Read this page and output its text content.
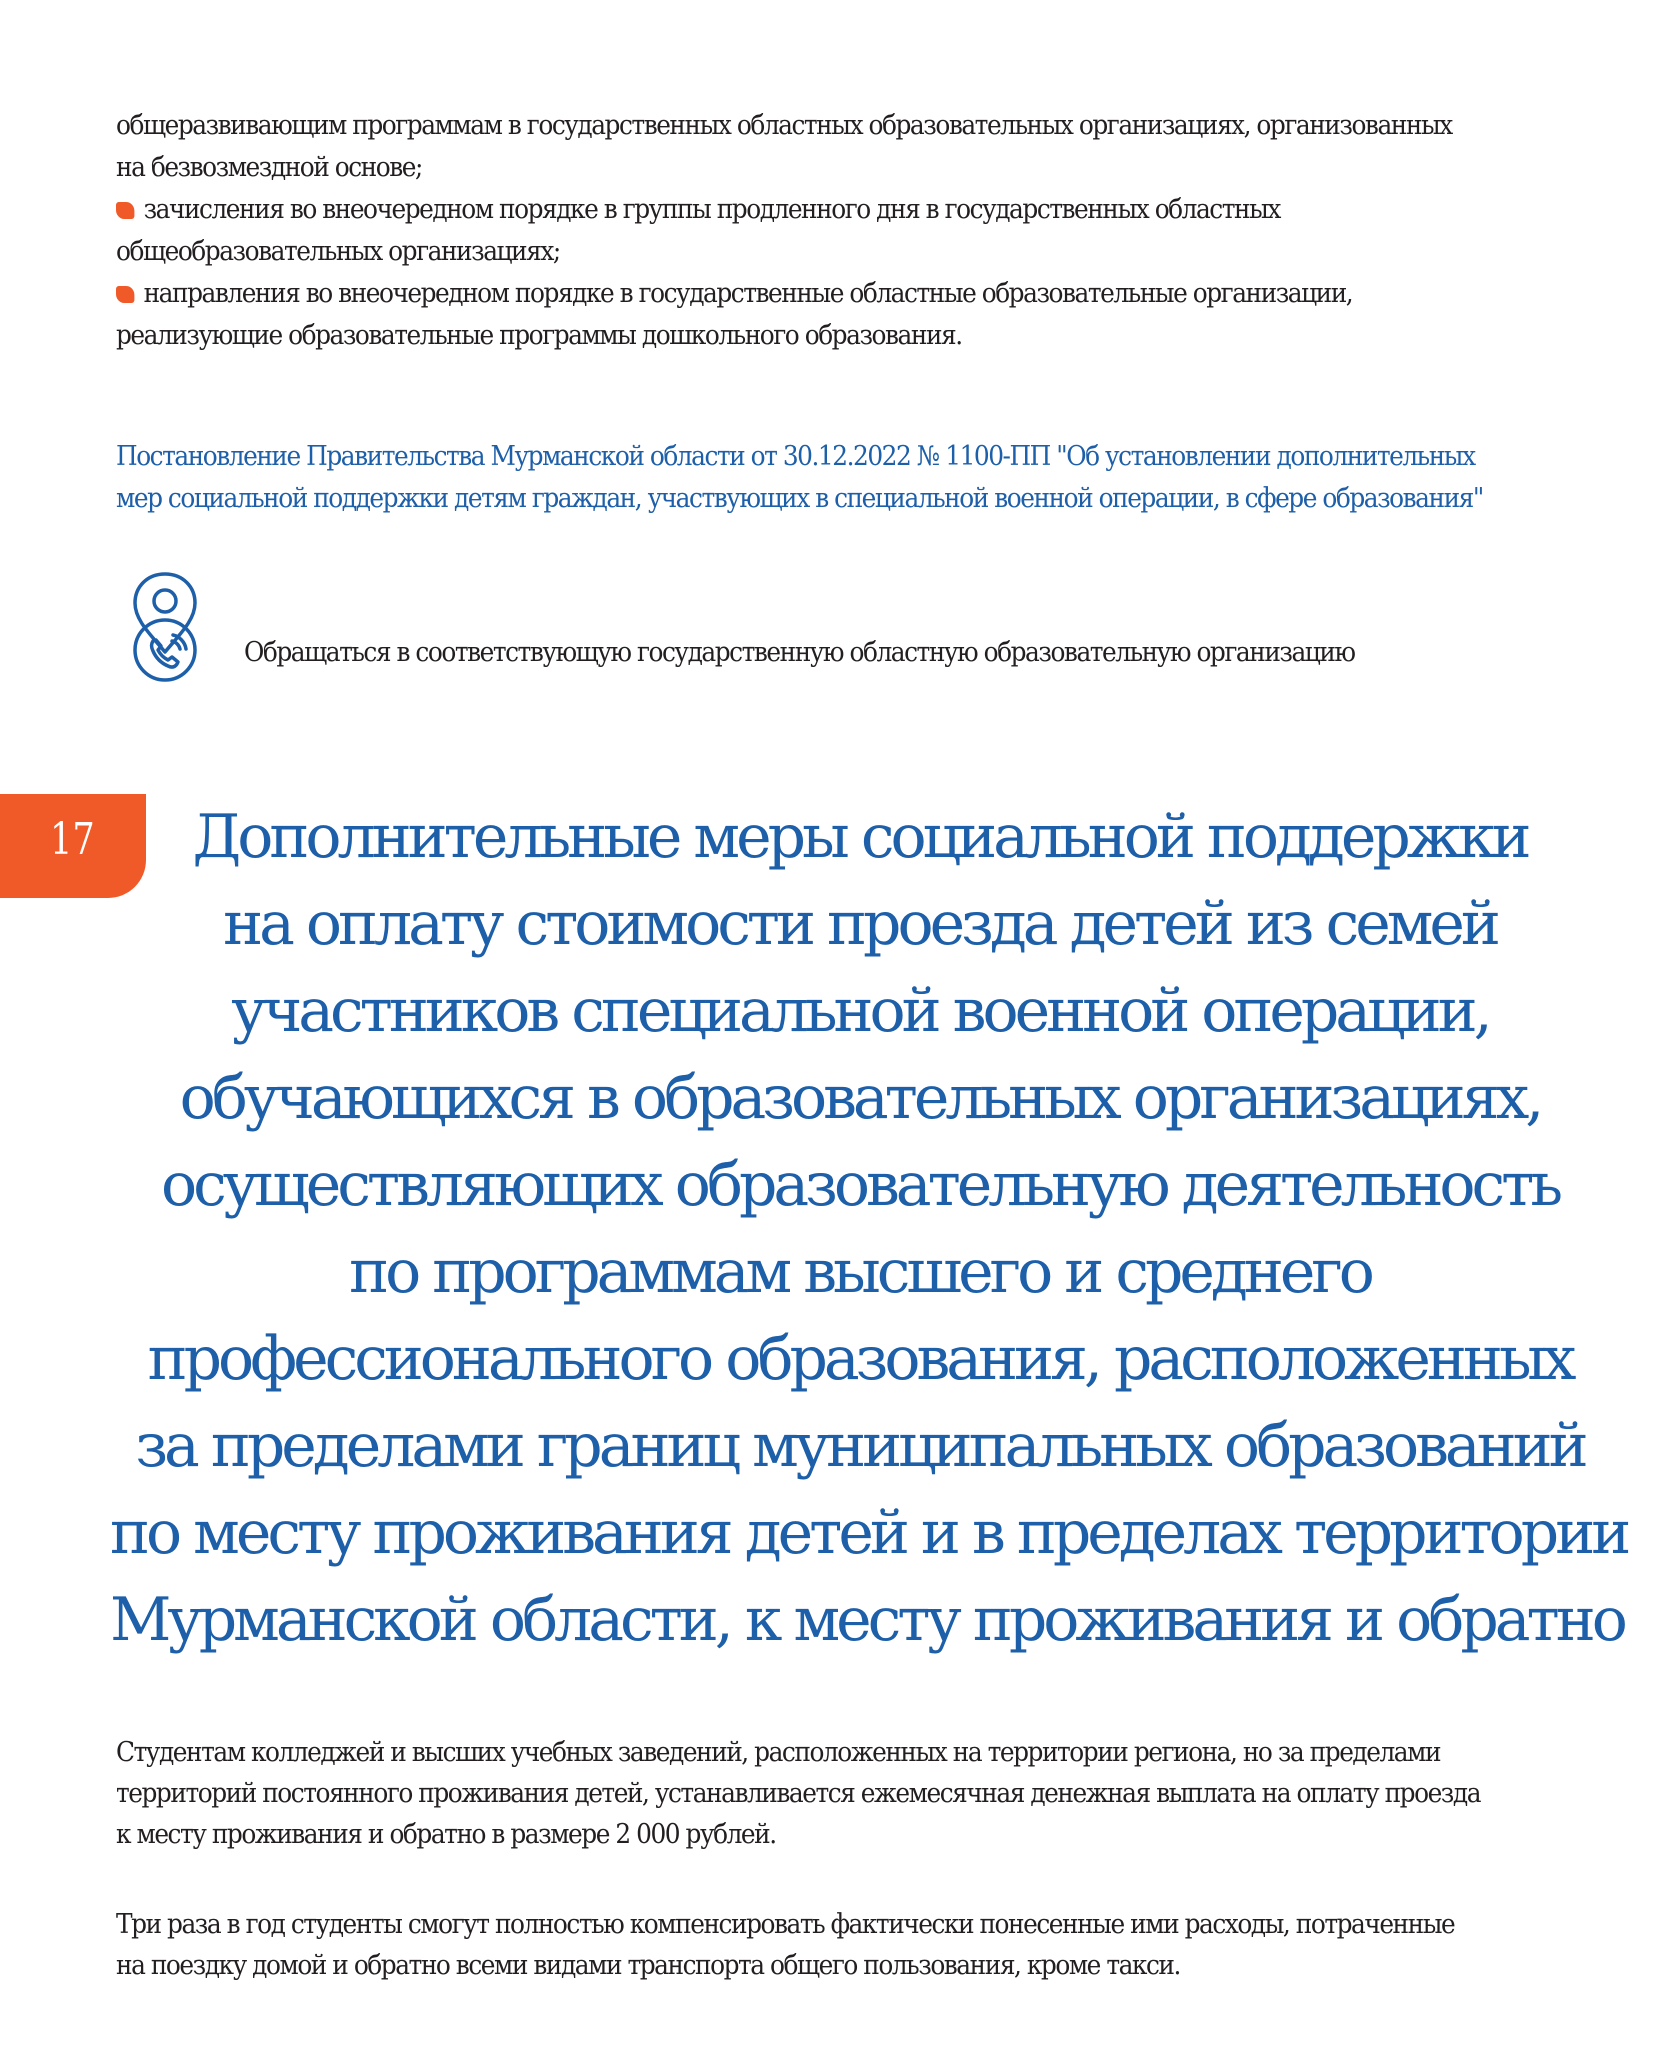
общеразвивающим программам в государственных областных образовательных организациях, организованных
на безвозмездной основе;
зачисления во внеочередном порядке в группы продленного дня в государственных областных
общеобразовательных организациях;
направления во внеочередном порядке в государственные областные образовательные организации,
реализующие образовательные программы дошкольного образования.
Постановление Правительства Мурманской области от 30.12.2022 № 1100-ПП "Об установлении дополнительных
мер социальной поддержки детям граждан, участвующих в специальной военной операции, в сфере образования"
Обращаться в соответствующую государственную областную образовательную организацию
17	Дополнительные меры социальной поддержки
на оплату стоимости проезда детей из семей
участников специальной военной операции,
обучающихся в образовательных организациях,
осуществляющих образовательную деятельность
по программам высшего и среднего
профессионального образования, расположенных
за пределами границ муниципальных образований
по месту проживания детей и в пределах территории
Мурманской области, к месту проживания и обратно
Студентам колледжей и высших учебных заведений, расположенных на территории региона, но за пределами
территорий постоянного проживания детей, устанавливается ежемесячная денежная выплата на оплату проезда
к месту проживания и обратно в размере 2 000 рублей.
Три раза в год студенты смогут полностью компенсировать фактически понесенные ими расходы, потраченные
на поездку домой и обратно всеми видами транспорта общего пользования, кроме такси.
